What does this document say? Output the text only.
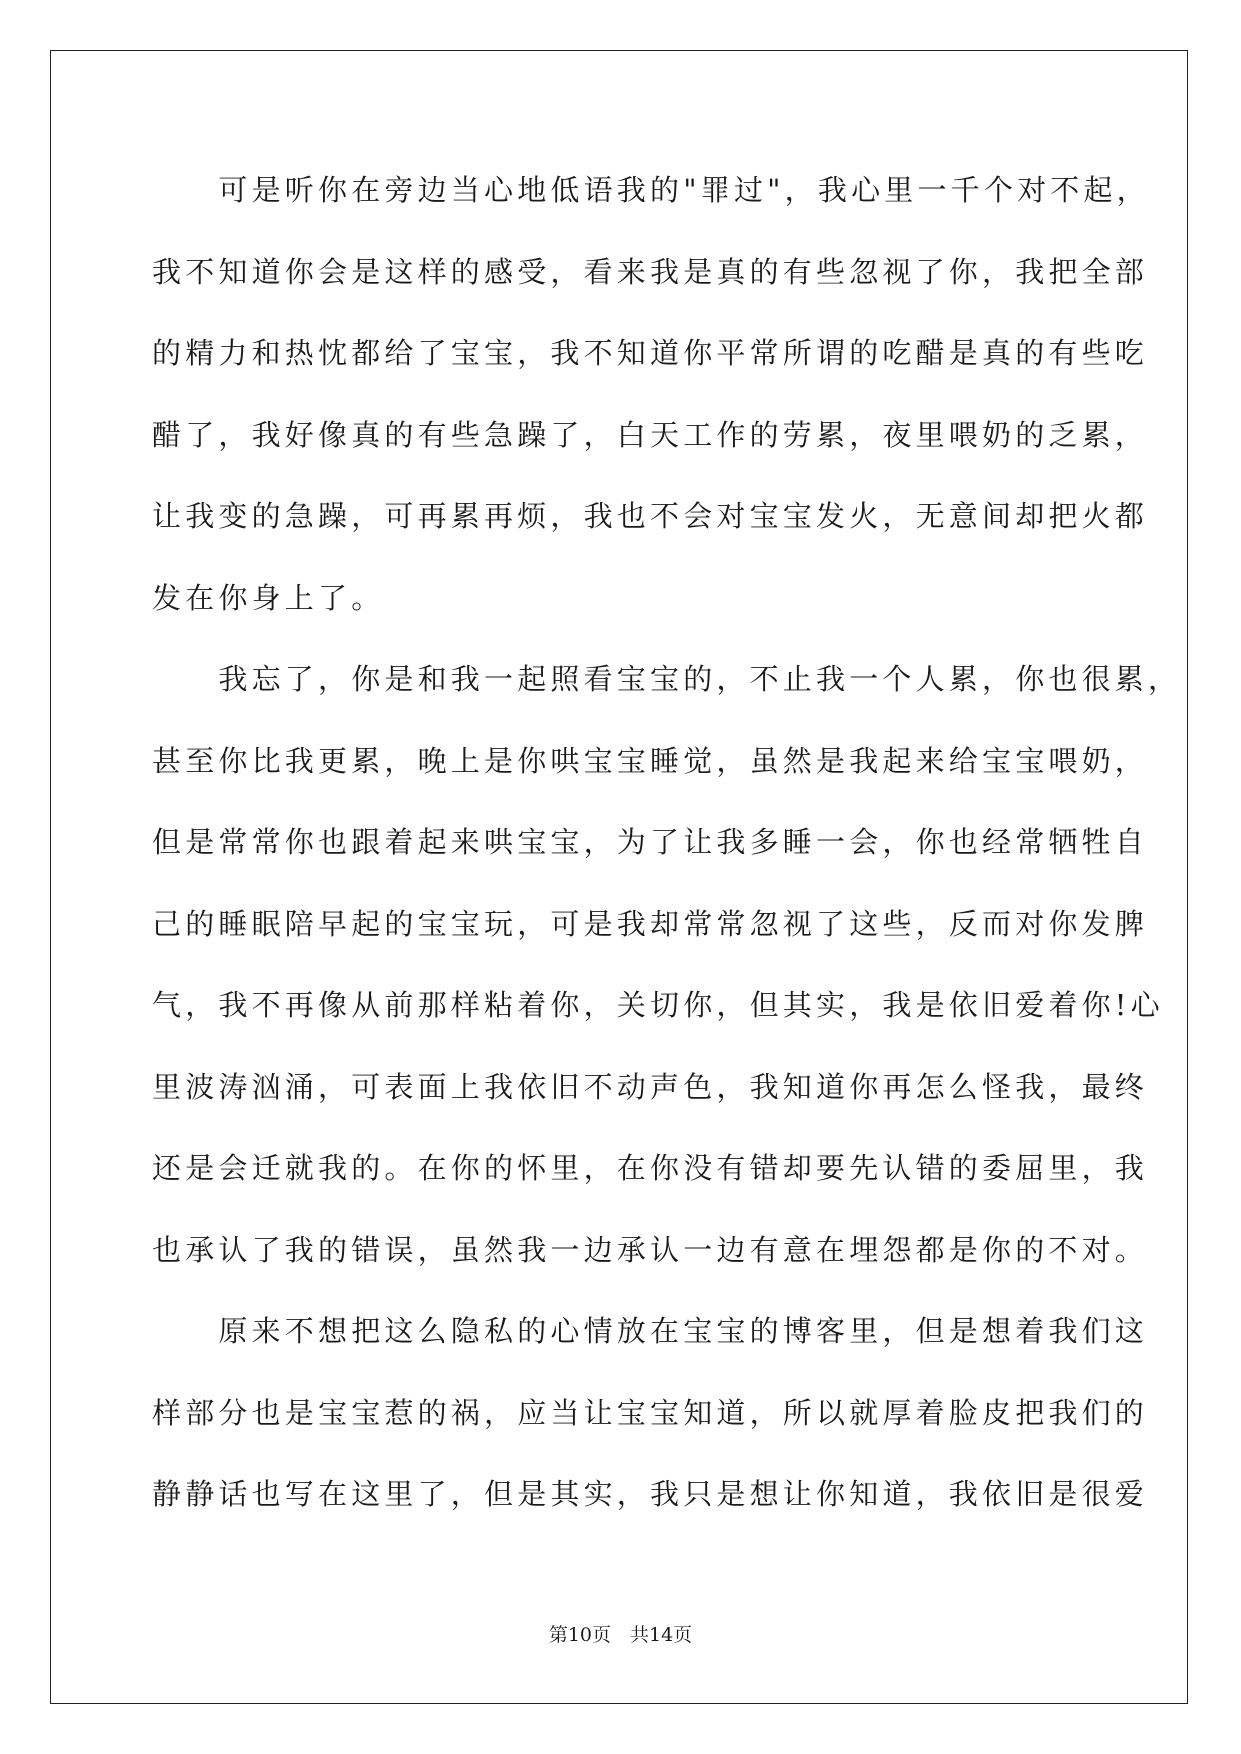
　　可是听你在旁边当心地低语我的"罪过"，我心里一千个对不起，

我不知道你会是这样的感受，看来我是真的有些忽视了你，我把全部

的精力和热忱都给了宝宝，我不知道你平常所谓的吃醋是真的有些吃

醋了，我好像真的有些急躁了，白天工作的劳累，夜里喂奶的乏累，

让我变的急躁，可再累再烦，我也不会对宝宝发火，无意间却把火都

发在你身上了。

　　我忘了，你是和我一起照看宝宝的，不止我一个人累，你也很累，

甚至你比我更累，晚上是你哄宝宝睡觉，虽然是我起来给宝宝喂奶，

但是常常你也跟着起来哄宝宝，为了让我多睡一会，你也经常牺牲自

己的睡眠陪早起的宝宝玩，可是我却常常忽视了这些，反而对你发脾

气，我不再像从前那样粘着你，关切你，但其实，我是依旧爱着你!心

里波涛汹涌，可表面上我依旧不动声色，我知道你再怎么怪我，最终

还是会迁就我的。在你的怀里，在你没有错却要先认错的委屈里，我

也承认了我的错误，虽然我一边承认一边有意在埋怨都是你的不对。

　　原来不想把这么隐私的心情放在宝宝的博客里，但是想着我们这

样部分也是宝宝惹的祸，应当让宝宝知道，所以就厚着脸皮把我们的

静静话也写在这里了，但是其实，我只是想让你知道，我依旧是很爱

第10页　共14页
